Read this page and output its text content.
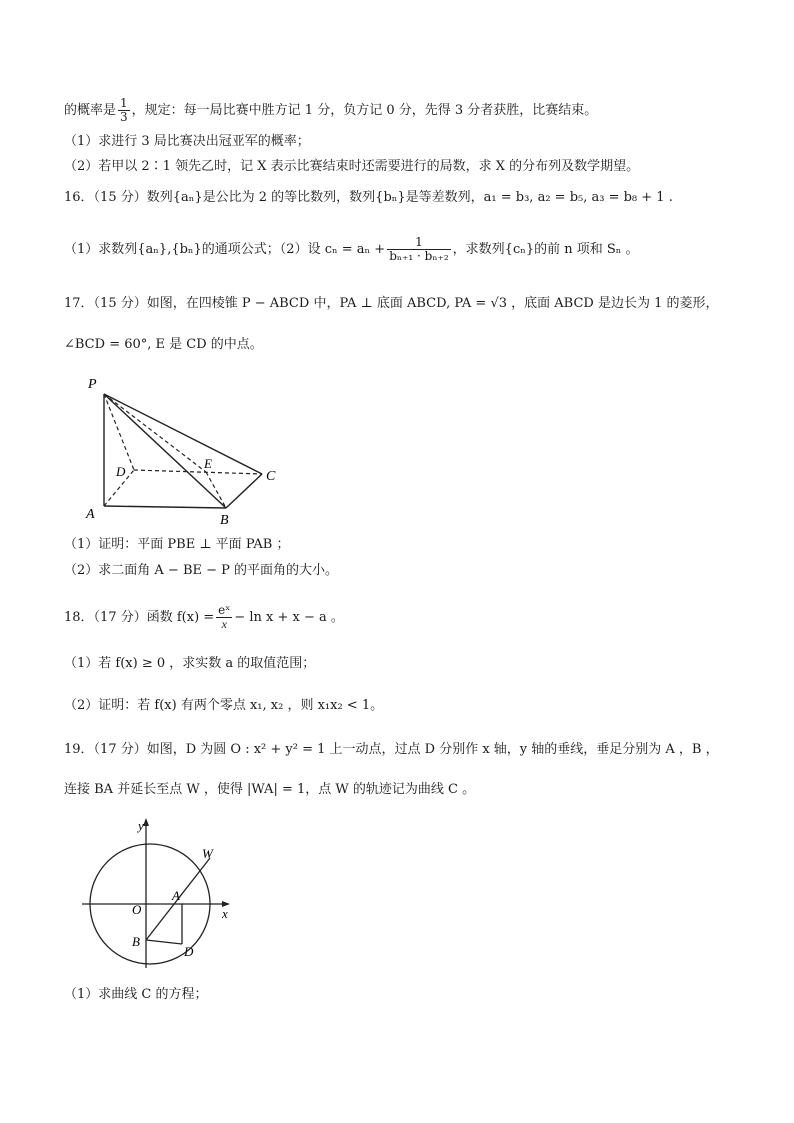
的概率是 $\frac{1}{3}$ ，规定：每一局比赛中胜方记 1 分，负方记 0 分，先得 3 分者获胜，比赛结束。
（1）求进行 3 局比赛决出冠亚军的概率；
（2）若甲以 2∶1 领先乙时，记 X 表示比赛结束时还需要进行的局数，求 X 的分布列及数学期望。
16．（15 分）数列{aₙ}是公比为 2 的等比数列，数列{bₙ}是等差数列，a₁ = b₃, a₂ = b₅, a₃ = b₈ + 1 .
（1）求数列{aₙ},{bₙ}的通项公式；（2）设 $c_n = a_n + \frac{1}{\text{bₙ₊₁ · bₙ₊₂}}$ ，求数列{cₙ}的前 n 项和 Sₙ 。
17．（15 分）如图，在四棱锥 P − ABCD 中，PA ⊥ 底面 ABCD, PA = √3 ，底面 ABCD 是边长为 1 的菱形，
∠BCD = 60°, E 是 CD 的中点。
P
D
E
C
A	B
（1）证明：平面 PBE ⊥ 平面 PAB ；
（2）求二面角 A − BE − P 的平面角的大小。
18．（17 分）函数 $f(x) = \frac{\text{eˣ}}{x} - \ln x + x - a$ 。
（1）若 f(x) ≥ 0 ，求实数 a 的取值范围；
（2）证明：若 f(x) 有两个零点 x₁, x₂ ，则 x₁x₂ < 1。
19．（17 分）如图，D 为圆 O : x² + y² = 1 上一动点，过点 D 分别作 x 轴，y 轴的垂线，垂足分别为 A ，B ，
连接 BA 并延长至点 W ，使得 |WA| = 1，点 W 的轨迹记为曲线 C 。
y
W
A
O	x
B
D
（1）求曲线 C 的方程；
